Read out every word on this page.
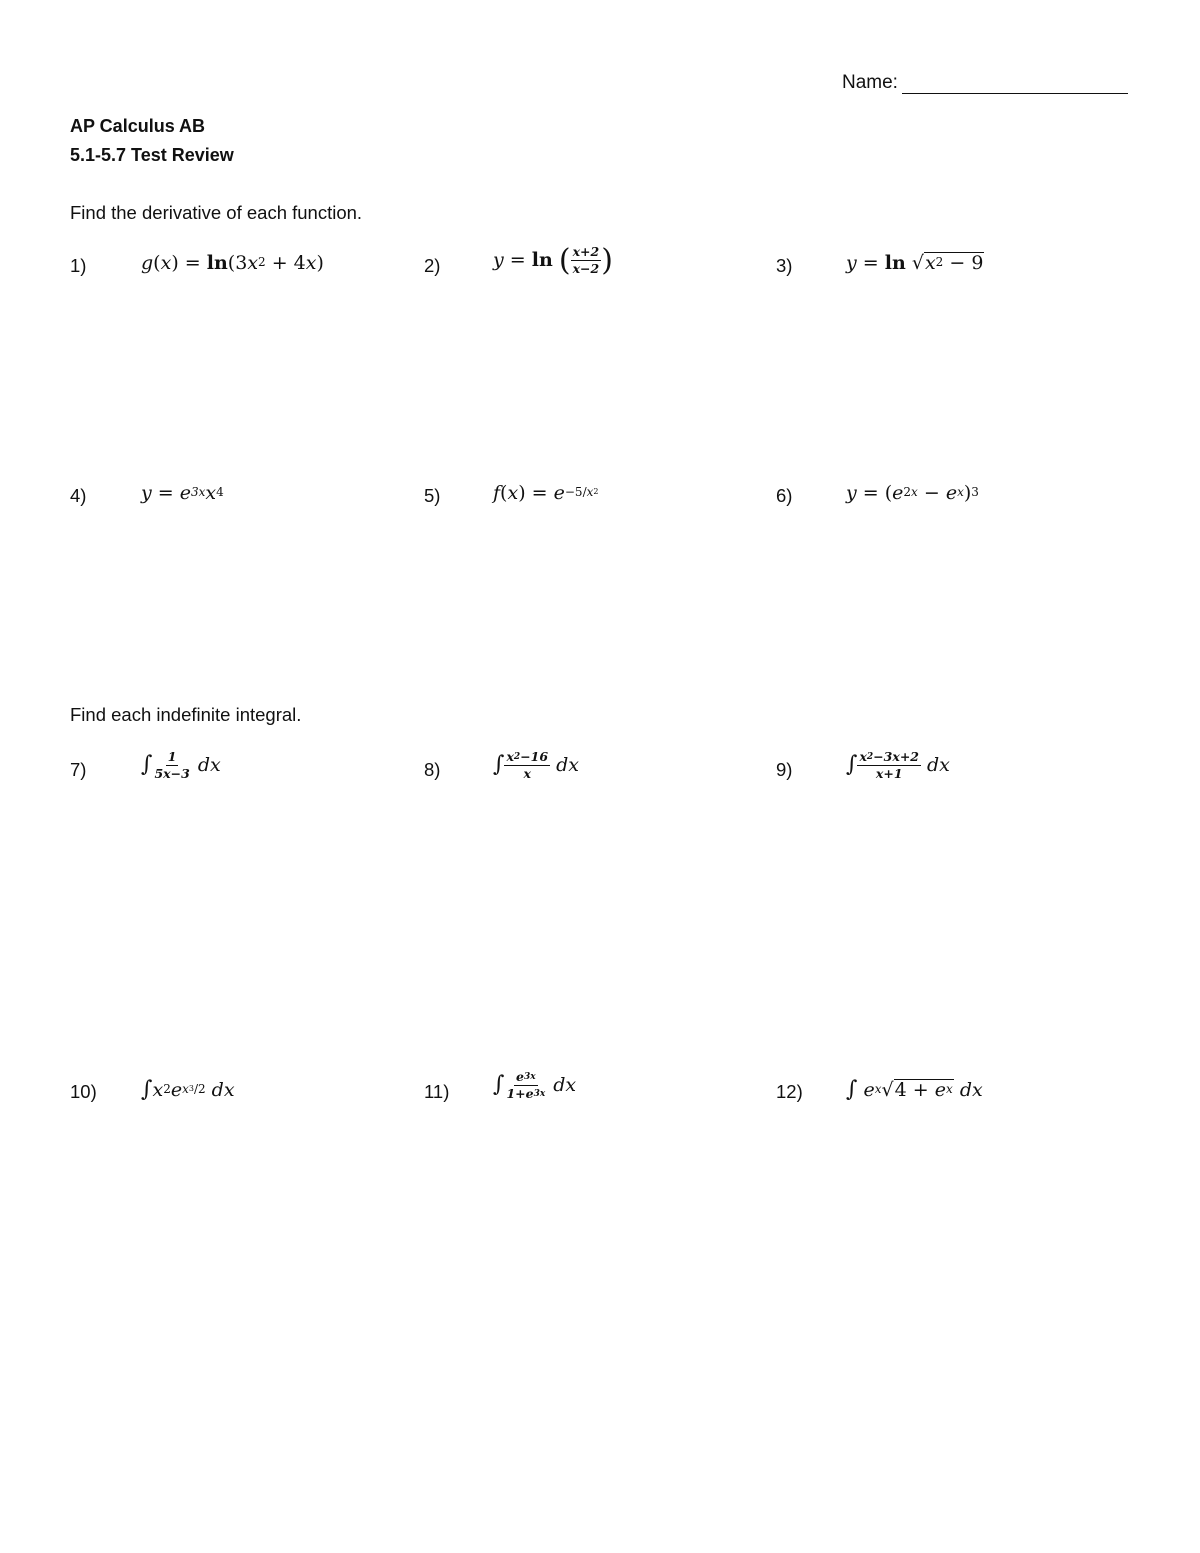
Name:
AP Calculus AB
5.1-5.7 Test Review
Find the derivative of each function.
1)	$g(x) = \ln(3x^2 + 4x)$	2)	y = ln ( $\frac{x+2}{x-2}$ )	3)	y = ln √ $x^2 - 9$
4)	$y = e^{3x}x^4$	5)	$f(x) = e^{-5/x^2}$	6)	$y = (e^{2x} - e^x)^3$
Find each indefinite integral.
7) ∫ $\frac{1}{5x-3}$ dx	8) ∫ $\frac{x^2-16}{x}$ dx	9) ∫ $\frac{x^2-3x+2}{x+1}$ dx
10) $\int x^2e^{x^3/2}$ dx	11) ∫ $\frac{e^{3x}}{1+e^{3x}}$ dx	12) ∫ $e^x$ √ $4 + e^x$ dx
